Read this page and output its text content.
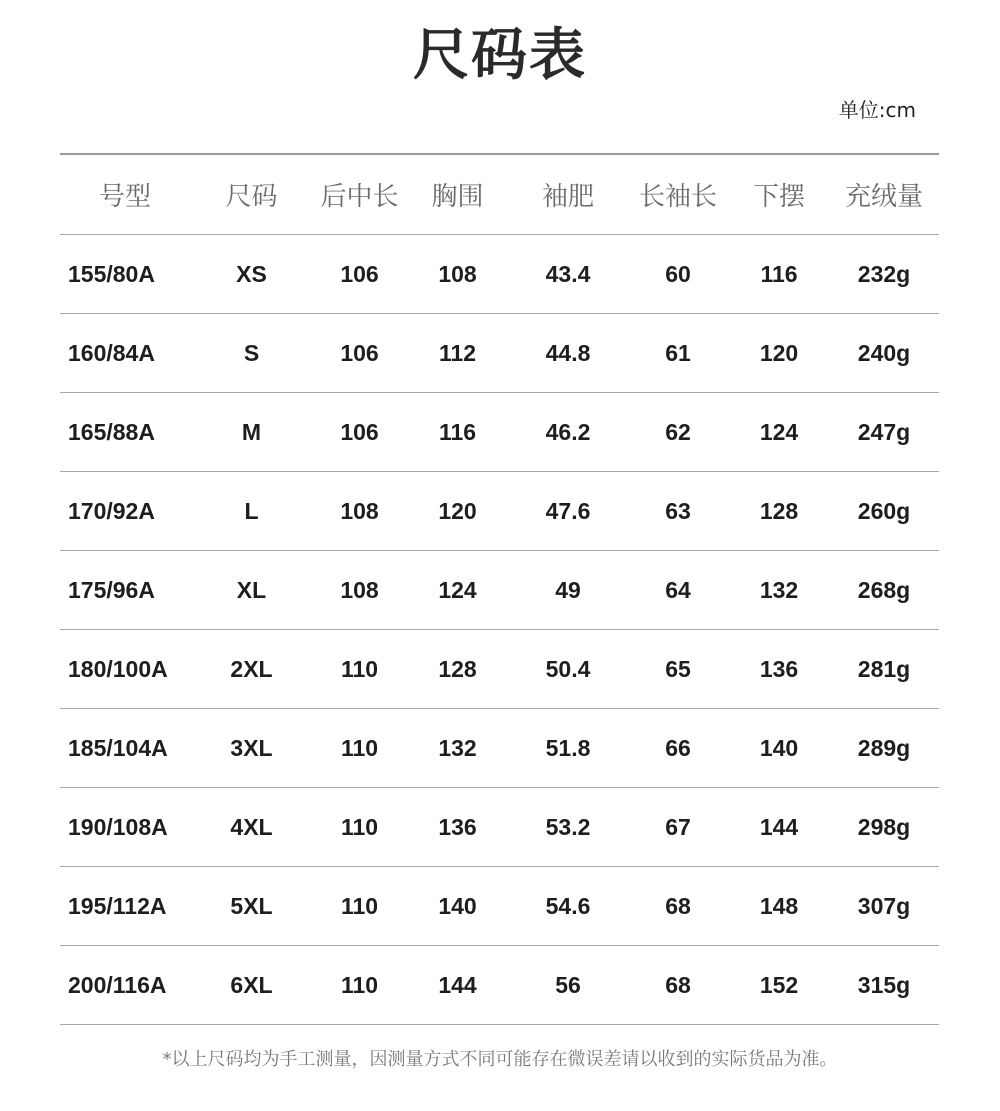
尺码表
单位:cm
号型	尺码	后中长	胸围	袖肥	长袖长	下摆	充绒量
155/80A	XS	106	108	43.4	60	116	232g
160/84A	S	106	112	44.8	61	120	240g
165/88A	M	106	116	46.2	62	124	247g
170/92A	L	108	120	47.6	63	128	260g
175/96A	XL	108	124	49	64	132	268g
180/100A	2XL	110	128	50.4	65	136	281g
185/104A	3XL	110	132	51.8	66	140	289g
190/108A	4XL	110	136	53.2	67	144	298g
195/112A	5XL	110	140	54.6	68	148	307g
200/116A	6XL	110	144	56	68	152	315g
*以上尺码均为手工测量，因测量方式不同可能存在微误差请以收到的实际货品为准。
